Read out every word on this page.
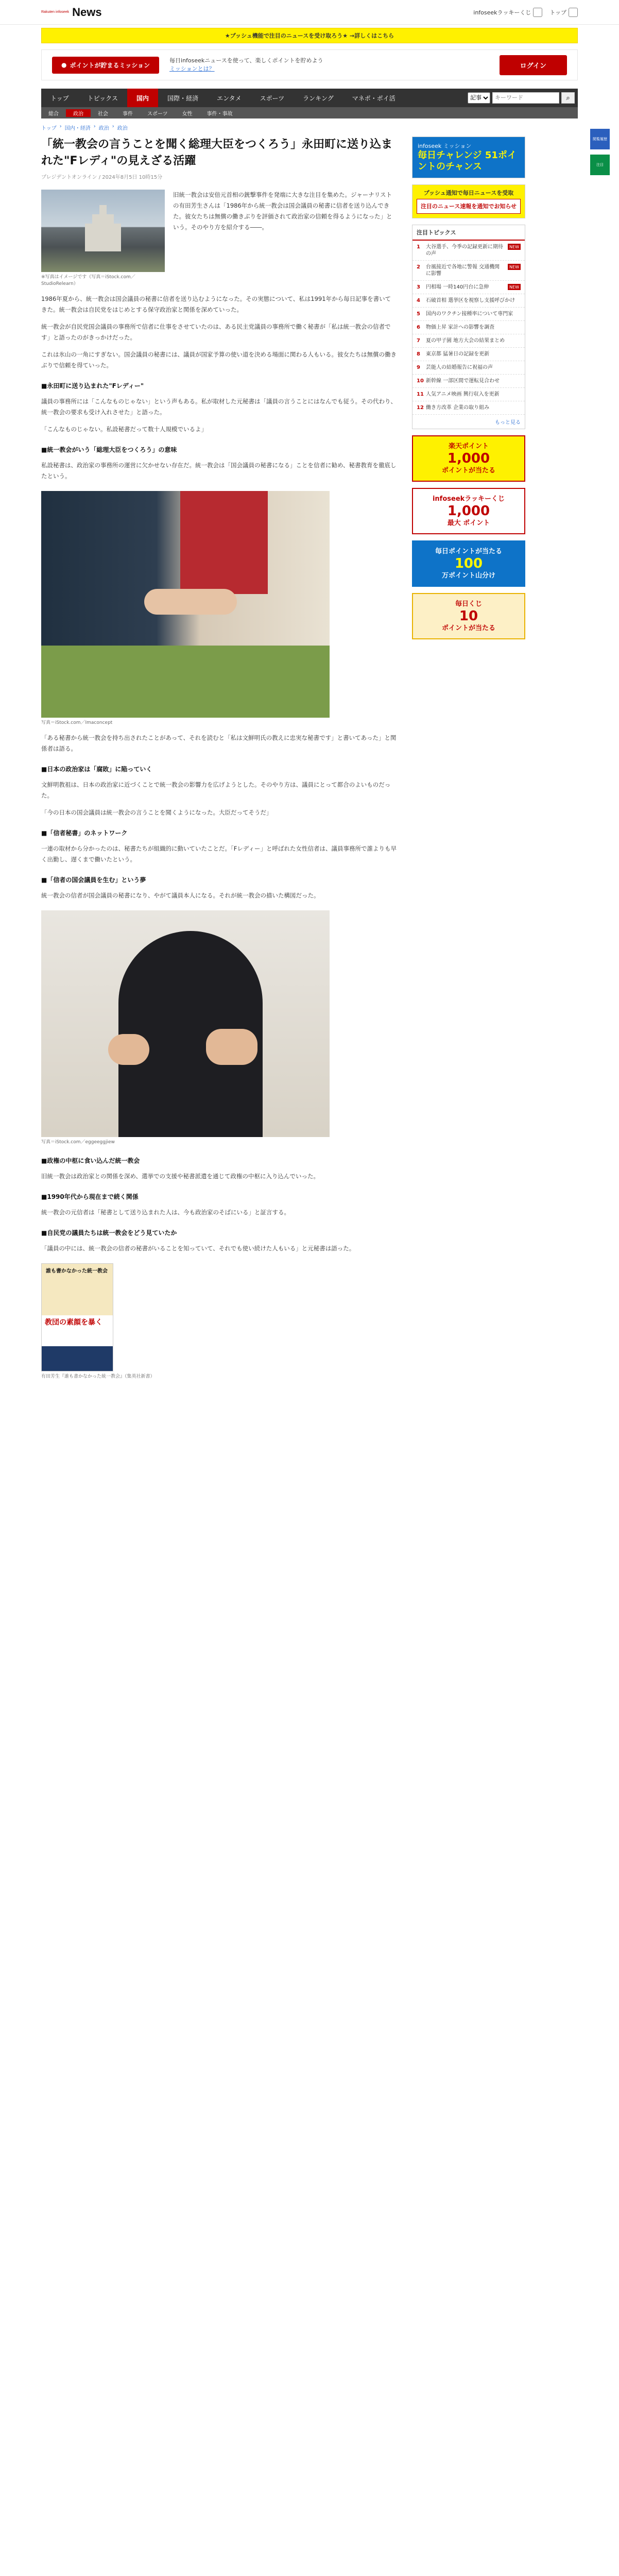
Rakuten infoseek News	infoseekラッキーくじ	トップ
★プッシュ機能で注目のニュースを受け取ろう★ →詳しくはこちら
● ポイントが貯まるミッション
毎日infoseekニュースを使って、楽しくポイントを貯めよう
ミッションとは？	ログイン
トップ	トピックス	国内	国際・経済	エンタメ	スポーツ	ランキング	マネポ・ポイ活
記事
キーワード	⌕
総合	政治	社会	事件	スポーツ	女性	事件・事故
トップ › 国内・経済 › 政治 › 政治
「統一教会の言うことを聞く総理大臣をつくろう」永田町に送り込まれた"Fレディ"の見えざる活躍
プレジデントオンライン / 2024年8月5日 10時15分
※写真はイメージです（写真＝iStock.com／StudioRelearn）

旧統一教会は安倍元首相の銃撃事件を発端に大きな注目を集めた。ジャーナリストの有田芳生さんは「1986年から統一教会は国会議員の秘書に信者を送り込んできた。彼女たちは無償の働きぶりを評価されて政治家の信頼を得るようになった」という。そのやり方を紹介する――。

1986年夏から、統一教会は国会議員の秘書に信者を送り込むようになった。その実態について、私は1991年から毎日記事を書いてきた。統一教会は自民党をはじめとする保守政治家と関係を深めていった。

統一教会が自民党国会議員の事務所で信者に仕事をさせていたのは、ある民主党議員の事務所で働く秘書が「私は統一教会の信者です」と語ったのがきっかけだった。

これは氷山の一角にすぎない。国会議員の秘書には、議員が国家予算の使い道を決める場面に関わる人もいる。彼女たちは無償の働きぶりで信頼を得ていった。

■永田町に送り込まれた"Fレディー"

議員の事務所には「こんなものじゃない」という声もある。私が取材した元秘書は「議員の言うことにはなんでも従う。その代わり、統一教会の要求も受け入れさせた」と語った。

「こんなものじゃない。私設秘書だって数十人規模でいるよ」

■統一教会がいう「総理大臣をつくろう」の意味

私設秘書は、政治家の事務所の運営に欠かせない存在だ。統一教会は「国会議員の秘書になる」ことを信者に勧め、秘書教育を徹底したという。

写真＝iStock.com／Imaconcept

「ある秘書から統一教会を持ち出されたことがあって、それを読むと「私は文鮮明氏の教えに忠実な秘書です」と書いてあった」と関係者は語る。

■日本の政治家は「腐敗」に陥っていく

文鮮明教祖は、日本の政治家に近づくことで統一教会の影響力を広げようとした。そのやり方は、議員にとって都合のよいものだった。

「今の日本の国会議員は統一教会の言うことを聞くようになった。大臣だってそうだ」

■「信者秘書」のネットワーク

一連の取材から分かったのは、秘書たちが組織的に動いていたことだ。「Fレディー」と呼ばれた女性信者は、議員事務所で誰よりも早く出勤し、遅くまで働いたという。

■「信者の国会議員を生む」という夢

統一教会の信者が国会議員の秘書になり、やがて議員本人になる。それが統一教会の描いた構図だった。

写真＝iStock.com／eggeeggjiew
■政権の中枢に食い込んだ統一教会

旧統一教会は政治家との関係を深め、選挙での支援や秘書派遣を通じて政権の中枢に入り込んでいった。

■1990年代から現在まで続く関係

統一教会の元信者は「秘書として送り込まれた人は、今も政治家のそばにいる」と証言する。

■自民党の議員たちは統一教会をどう見ていたか

「議員の中には、統一教会の信者の秘書がいることを知っていて、それでも使い続けた人もいる」と元秘書は語った。

誰も書かなかった統一教会
教団の素顔を暴く
有田芳生『誰も書かなかった統一教会』（集英社新書）
infoseek ミッション
毎日チャレンジ 51ポイントのチャンス
プッシュ通知で毎日ニュースを受取
注目のニュース速報を通知でお知らせ
注目トピックス
1	大谷選手、今季の記録更新に期待の声
NEW
2	台風接近で各地に警報 交通機関に影響
NEW
3	円相場 一時140円台に急伸	NEW
4	石破首相 選挙区を視察し支援呼びかけ
5	国内のワクチン接種率について専門家
6	物価上昇 家計への影響を調査
7	夏の甲子園 地方大会の結果まとめ
8	東京都 猛暑日の記録を更新
9	芸能人の結婚報告に祝福の声
10 新幹線 一部区間で運転見合わせ
11 人気アニメ映画 興行収入を更新
12 働き方改革 企業の取り組み
もっと見る
楽天ポイント
1,000
ポイントが当たる
infoseekラッキーくじ
1,000
最大 ポイント
毎日ポイントが当たる
100
万ポイント山分け
毎日くじ
10
ポイントが当たる
閲覧履歴
注目
